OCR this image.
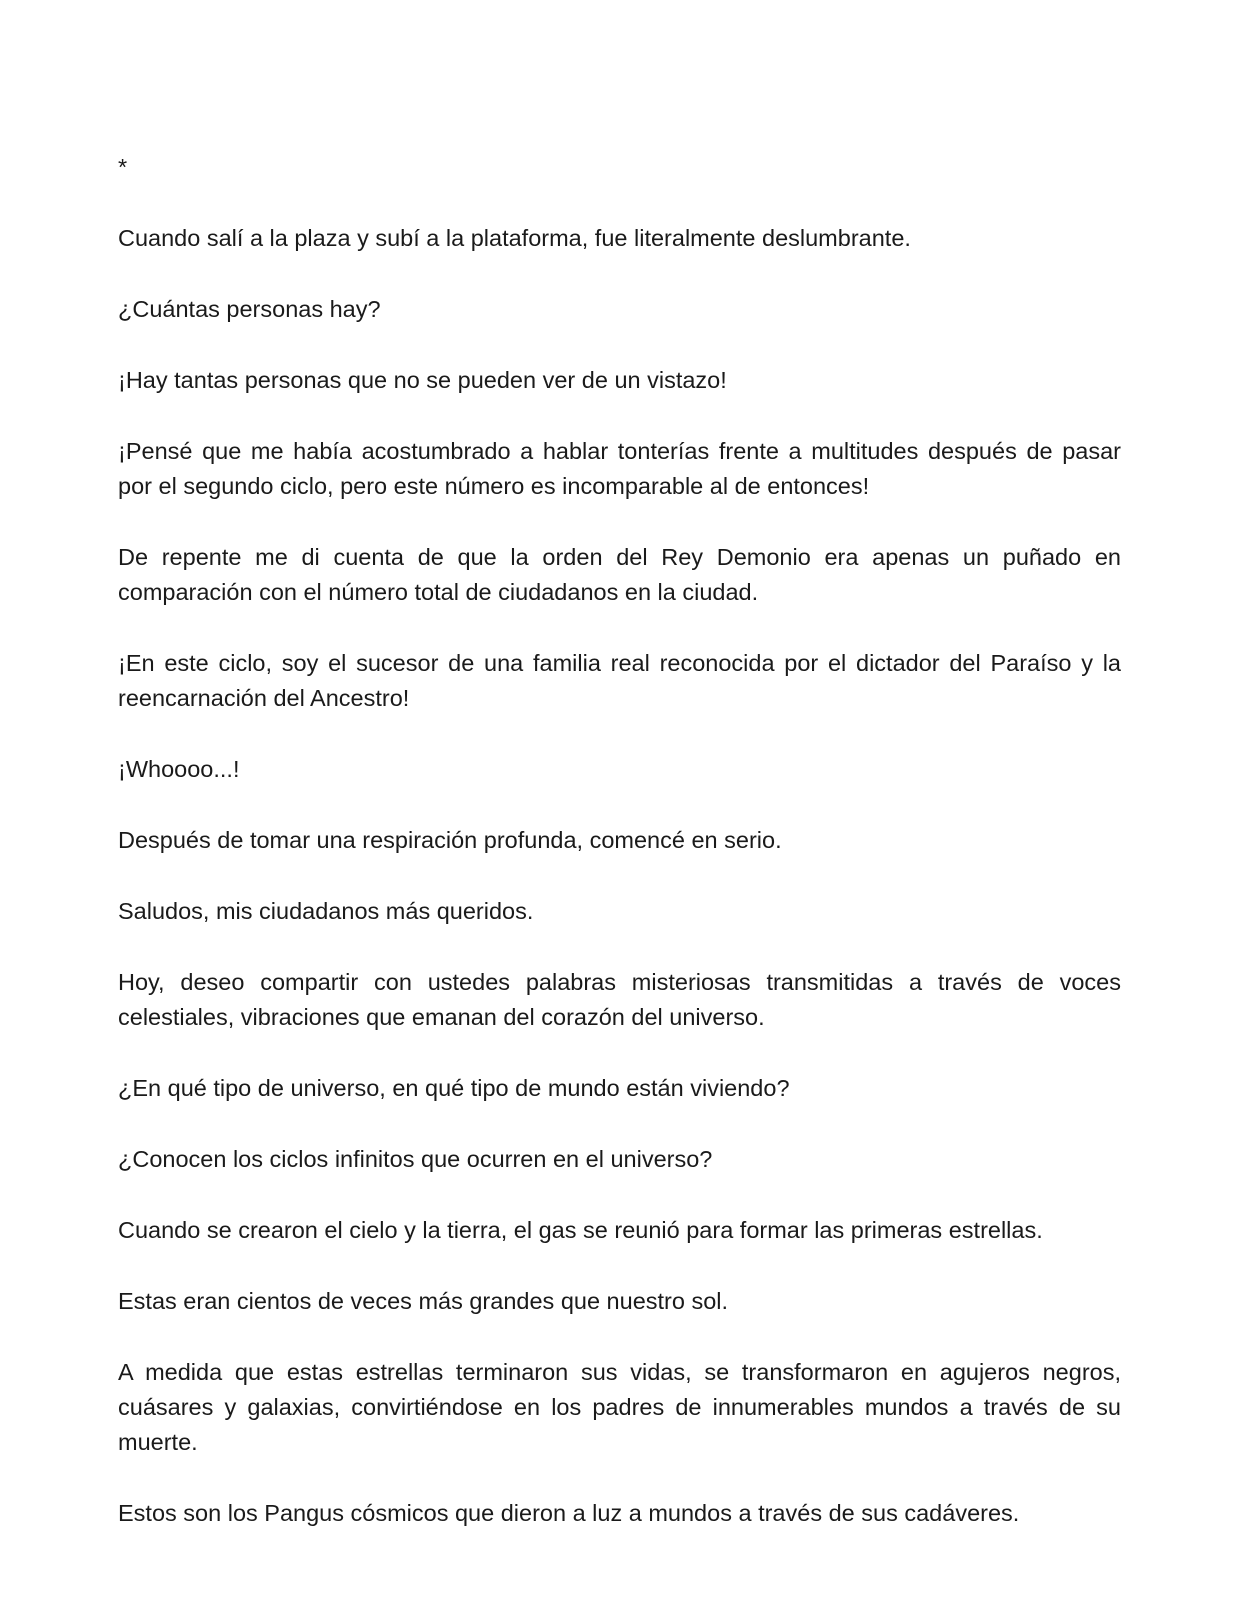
*

Cuando salí a la plaza y subí a la plataforma, fue literalmente deslumbrante.

¿Cuántas personas hay?

¡Hay tantas personas que no se pueden ver de un vistazo!

¡Pensé que me había acostumbrado a hablar tonterías frente a multitudes después de pasar por el segundo ciclo, pero este número es incomparable al de entonces!

De repente me di cuenta de que la orden del Rey Demonio era apenas un puñado en comparación con el número total de ciudadanos en la ciudad.

¡En este ciclo, soy el sucesor de una familia real reconocida por el dictador del Paraíso y la reencarnación del Ancestro!

¡Whoooo...!

Después de tomar una respiración profunda, comencé en serio.

Saludos, mis ciudadanos más queridos.

Hoy, deseo compartir con ustedes palabras misteriosas transmitidas a través de voces celestiales, vibraciones que emanan del corazón del universo.

¿En qué tipo de universo, en qué tipo de mundo están viviendo?

¿Conocen los ciclos infinitos que ocurren en el universo?

Cuando se crearon el cielo y la tierra, el gas se reunió para formar las primeras estrellas.

Estas eran cientos de veces más grandes que nuestro sol.

A medida que estas estrellas terminaron sus vidas, se transformaron en agujeros negros, cuásares y galaxias, convirtiéndose en los padres de innumerables mundos a través de su muerte.

Estos son los Pangus cósmicos que dieron a luz a mundos a través de sus cadáveres.
